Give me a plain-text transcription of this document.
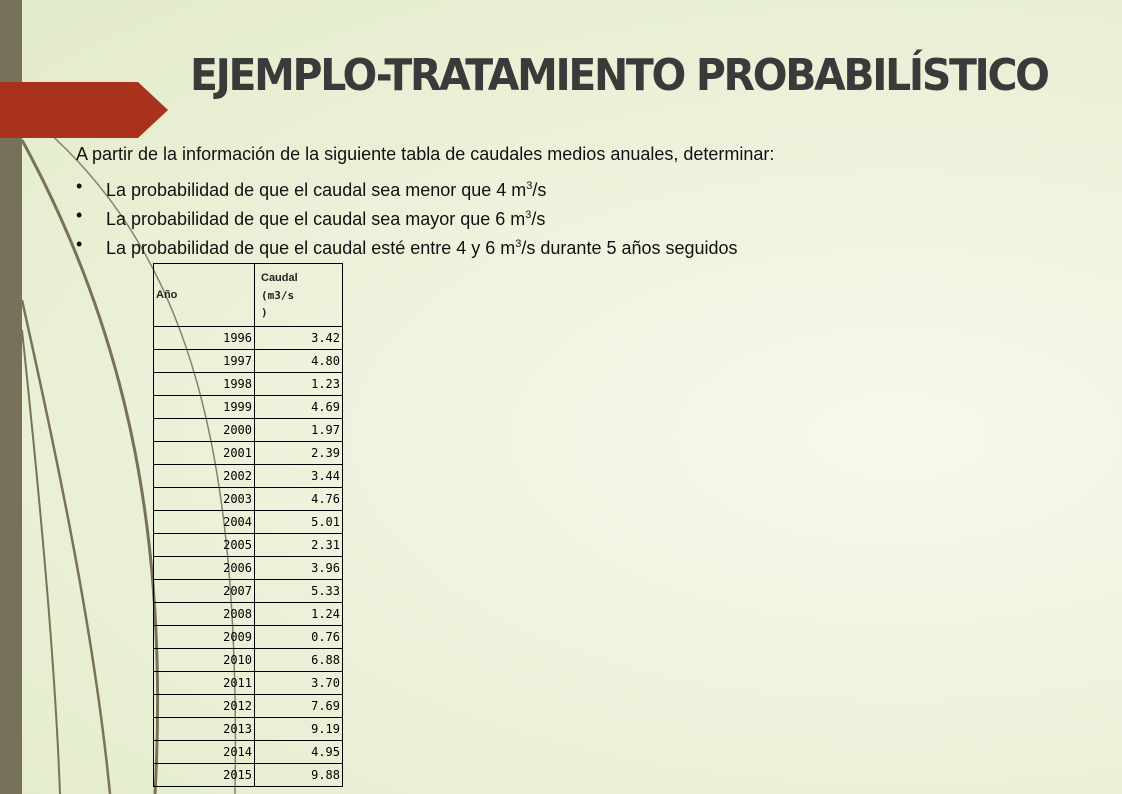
EJEMPLO-TRATAMIENTO PROBABILÍSTICO
A partir de la información de la siguiente tabla de caudales medios anuales, determinar:
•	La probabilidad de que el caudal sea menor que 4 $m^3/s$
•	La probabilidad de que el caudal sea mayor que 6 $m^3/s$
•	La probabilidad de que el caudal esté entre 4 y 6 $m^3/s$ durante 5 años seguidos
Año	Caudal
(m3/s
)
1996	3.42
1997	4.80
1998	1.23
1999	4.69
2000	1.97
2001	2.39
2002	3.44
2003	4.76
2004	5.01
2005	2.31
2006	3.96
2007	5.33
2008	1.24
2009	0.76
2010	6.88
2011	3.70
2012	7.69
2013	9.19
2014	4.95
2015	9.88
